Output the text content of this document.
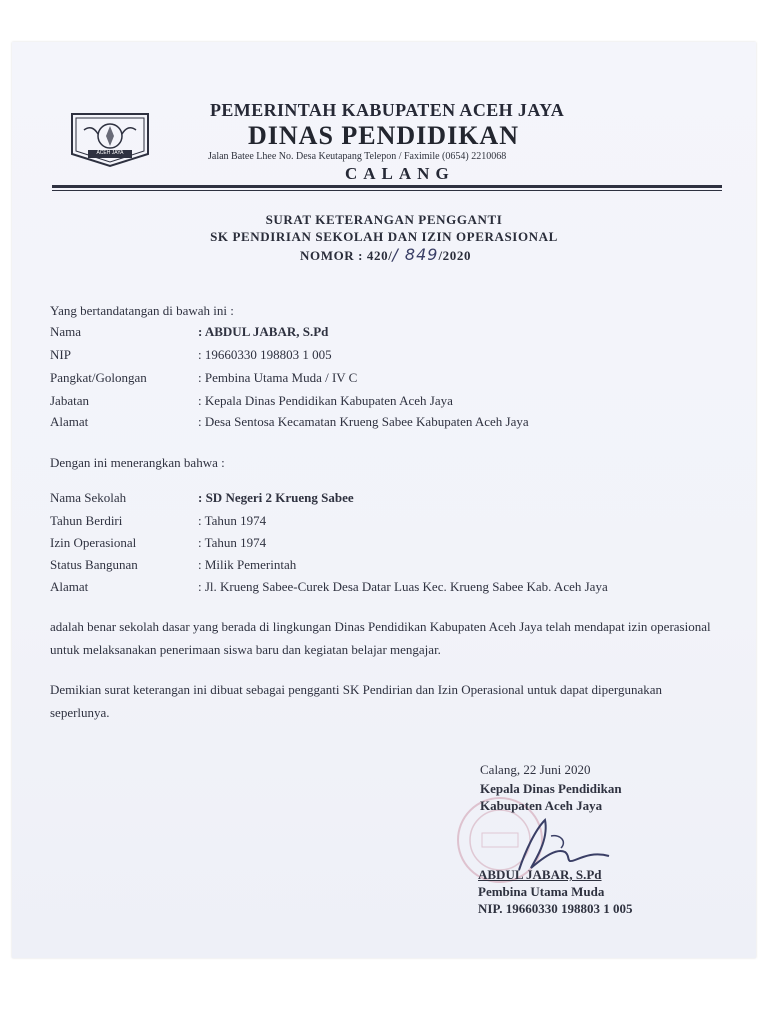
ACEH JAYA
PEMERINTAH KABUPATEN ACEH JAYA
DINAS PENDIDIKAN
Jalan Batee Lhee No. Desa Keutapang Telepon / Faximile (0654) 2210068
CALANG
SURAT KETERANGAN PENGGANTI
SK PENDIRIAN SEKOLAH DAN IZIN OPERASIONAL
NOMOR : 420// 849/2020
Yang bertandatangan di bawah ini :
Nama	: ABDUL JABAR, S.Pd
NIP	: 19660330 198803 1 005
Pangkat/Golongan	: Pembina Utama Muda / IV C
Jabatan	: Kepala Dinas Pendidikan Kabupaten Aceh Jaya
Alamat	: Desa Sentosa Kecamatan Krueng Sabee Kabupaten Aceh Jaya
Dengan ini menerangkan bahwa :
Nama Sekolah	: SD Negeri 2 Krueng Sabee
Tahun Berdiri	: Tahun 1974
Izin Operasional	: Tahun 1974
Status Bangunan	: Milik Pemerintah
Alamat	: Jl. Krueng Sabee-Curek Desa Datar Luas Kec. Krueng Sabee Kab. Aceh Jaya
adalah benar sekolah dasar yang berada di lingkungan Dinas Pendidikan Kabupaten Aceh Jaya telah mendapat izin operasional untuk melaksanakan penerimaan siswa baru dan kegiatan belajar mengajar.
Demikian surat keterangan ini dibuat sebagai pengganti SK Pendirian dan Izin Operasional untuk dapat dipergunakan seperlunya.
Calang, 22 Juni 2020
Kepala Dinas Pendidikan
Kabupaten Aceh Jaya
ABDUL JABAR, S.Pd
Pembina Utama Muda
NIP. 19660330 198803 1 005
